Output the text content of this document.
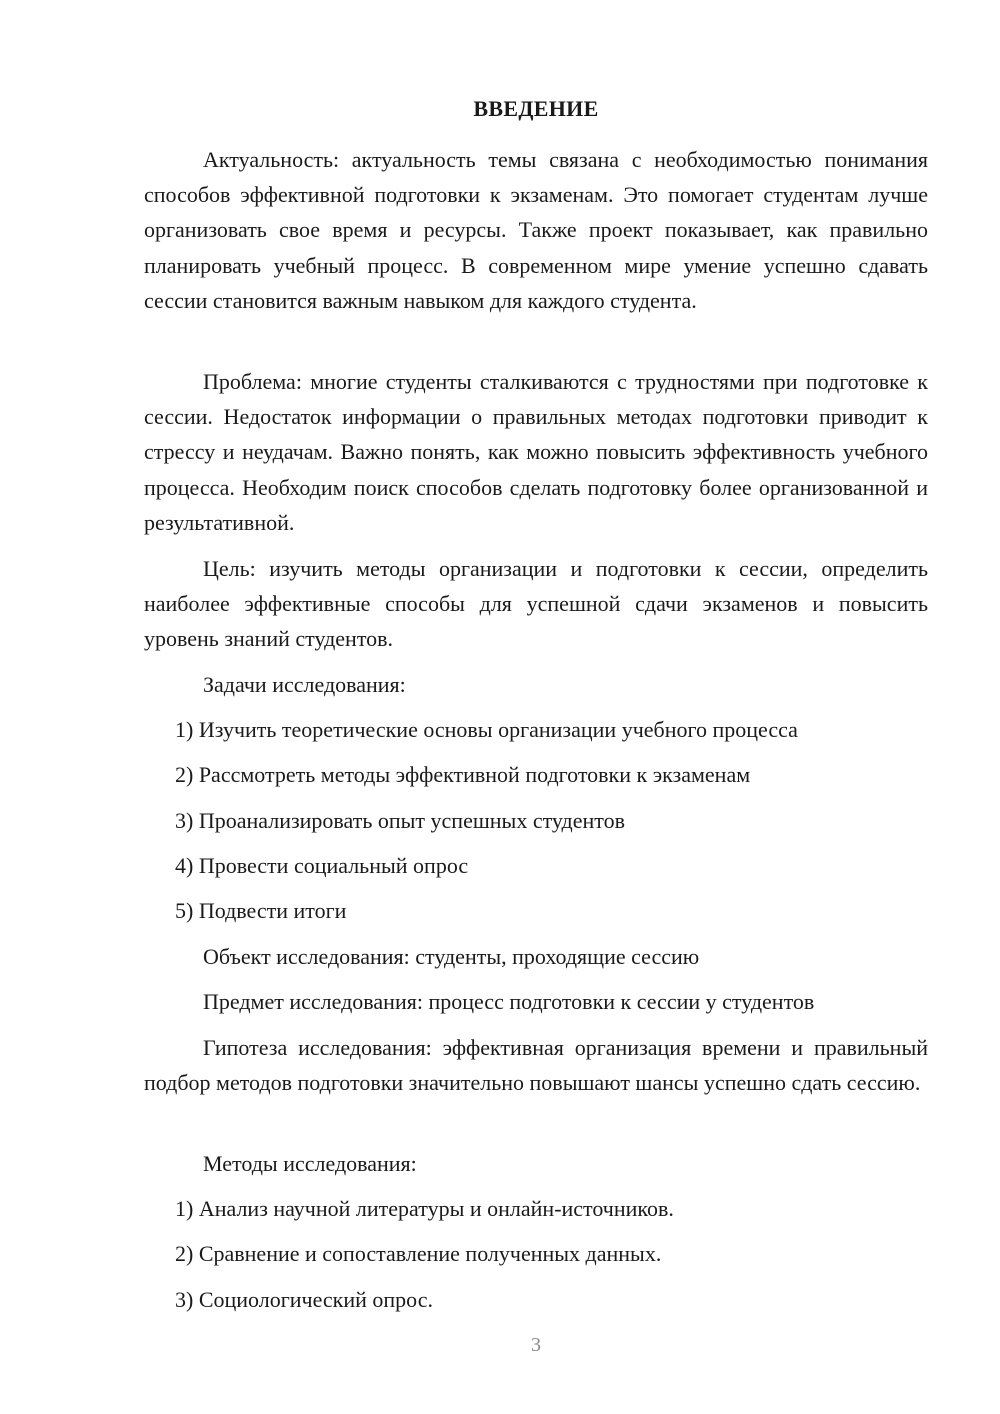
ВВЕДЕНИЕ

Актуальность: актуальность темы связана с необходимостью понимания способов эффективной подготовки к экзаменам. Это помогает студентам лучше организовать свое время и ресурсы. Также проект показывает, как правильно планировать учебный процесс. В современном мире умение успешно сдавать сессии становится важным навыком для каждого студента.

Проблема: многие студенты сталкиваются с трудностями при подготовке к сессии. Недостаток информации о правильных методах подготовки приводит к стрессу и неудачам. Важно понять, как можно повысить эффективность учебного процесса. Необходим поиск способов сделать подготовку более организованной и результативной.

Цель: изучить методы организации и подготовки к сессии, определить наиболее эффективные способы для успешной сдачи экзаменов и повысить уровень знаний студентов.

Задачи исследования:
1) Изучить теоретические основы организации учебного процесса
2) Рассмотреть методы эффективной подготовки к экзаменам
3) Проанализировать опыт успешных студентов
4) Провести социальный опрос
5) Подвести итоги
Объект исследования: студенты, проходящие сессию
Предмет исследования: процесс подготовки к сессии у студентов

Гипотеза исследования: эффективная организация времени и правильный подбор методов подготовки значительно повышают шансы успешно сдать сессию.

Методы исследования:
1) Анализ научной литературы и онлайн-источников.
2) Сравнение и сопоставление полученных данных.
3) Социологический опрос.
3
